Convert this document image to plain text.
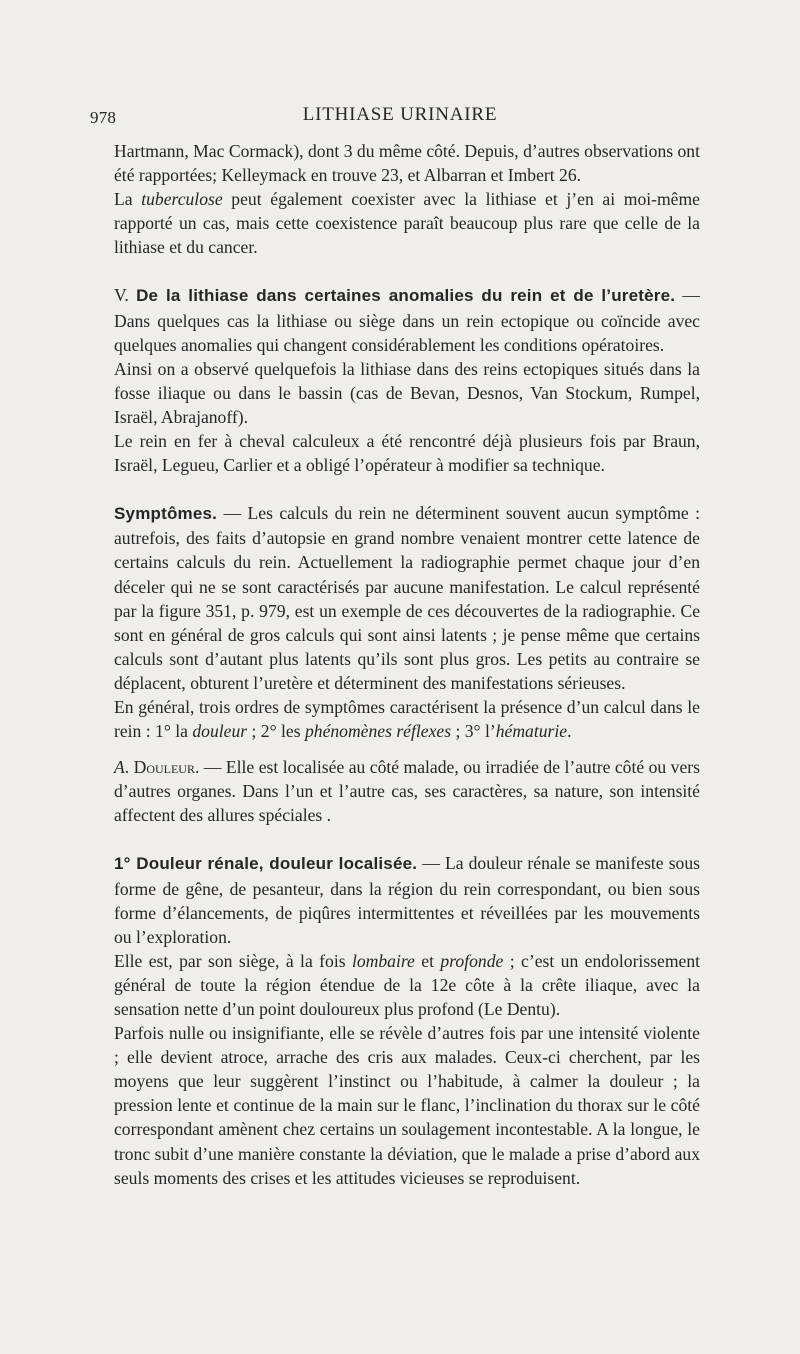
978	LITHIASE URINAIRE

Hartmann, Mac Cormack), dont 3 du même côté. Depuis, d’autres observations ont été rapportées; Kelleymack en trouve 23, et Albarran et Imbert 26.

La tuberculose peut également coexister avec la lithiase et j’en ai moi-même rapporté un cas, mais cette coexistence paraît beaucoup plus rare que celle de la lithiase et du cancer.

V. De la lithiase dans certaines anomalies du rein et de l’uretère. — Dans quelques cas la lithiase ou siège dans un rein ectopique ou coïncide avec quelques anomalies qui changent considérablement les conditions opératoires.

Ainsi on a observé quelquefois la lithiase dans des reins ectopiques situés dans la fosse iliaque ou dans le bassin (cas de Bevan, Desnos, Van Stockum, Rumpel, Israël, Abrajanoff).

Le rein en fer à cheval calculeux a été rencontré déjà plusieurs fois par Braun, Israël, Legueu, Carlier et a obligé l’opérateur à modifier sa technique.

Symptômes. — Les calculs du rein ne déterminent souvent aucun symptôme : autrefois, des faits d’autopsie en grand nombre venaient montrer cette latence de certains calculs du rein. Actuellement la radiographie permet chaque jour d’en déceler qui ne se sont caractérisés par aucune manifestation. Le calcul représenté par la figure 351, p. 979, est un exemple de ces découvertes de la radiographie. Ce sont en général de gros calculs qui sont ainsi latents ; je pense même que certains calculs sont d’autant plus latents qu’ils sont plus gros. Les petits au contraire se déplacent, obturent l’uretère et déterminent des manifestations sérieuses.

En général, trois ordres de symptômes caractérisent la présence d’un calcul dans le rein : 1° la douleur ; 2° les phénomènes réflexes ; 3° l’hématurie.

A. Douleur. — Elle est localisée au côté malade, ou irradiée de l’autre côté ou vers d’autres organes. Dans l’un et l’autre cas, ses caractères, sa nature, son intensité affectent des allures spéciales .

1° Douleur rénale, douleur localisée. — La douleur rénale se manifeste sous forme de gêne, de pesanteur, dans la région du rein correspondant, ou bien sous forme d’élancements, de piqûres intermittentes et réveillées par les mouvements ou l’exploration.

Elle est, par son siège, à la fois lombaire et profonde ; c’est un endolorissement général de toute la région étendue de la 12e côte à la crête iliaque, avec la sensation nette d’un point douloureux plus profond (Le Dentu).

Parfois nulle ou insignifiante, elle se révèle d’autres fois par une intensité violente ; elle devient atroce, arrache des cris aux malades. Ceux-ci cherchent, par les moyens que leur suggèrent l’instinct ou l’habitude, à calmer la douleur ; la pression lente et continue de la main sur le flanc, l’inclination du thorax sur le côté correspondant amènent chez certains un soulagement incontestable. A la longue, le tronc subit d’une manière constante la déviation, que le malade a prise d’abord aux seuls moments des crises et les attitudes vicieuses se reproduisent.
